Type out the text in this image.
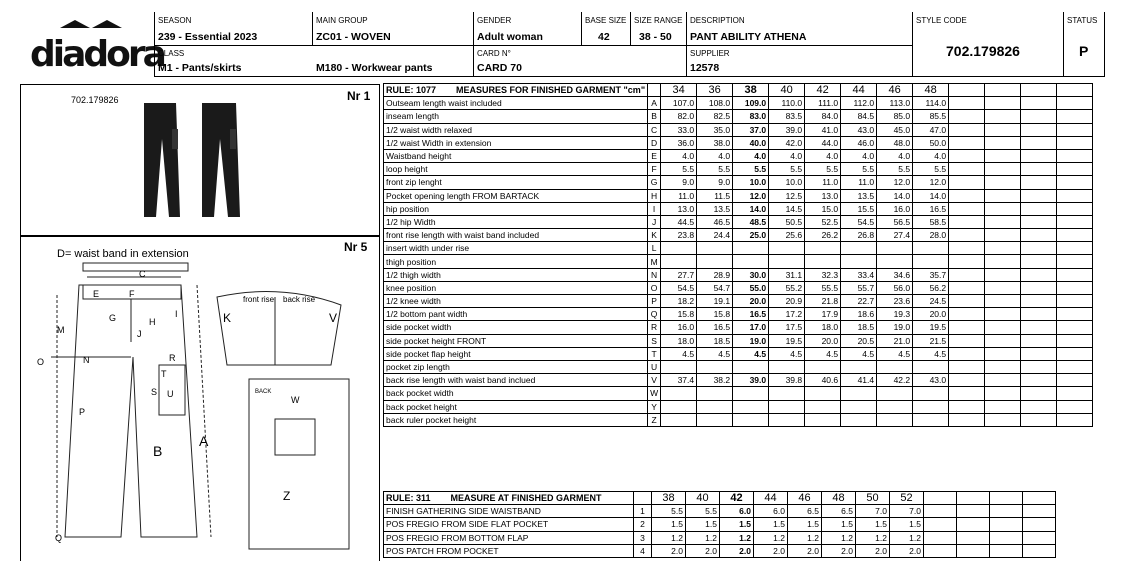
diadora
SEASON
239 - Essential 2023
MAIN GROUP
ZC01 - WOVEN
GENDER
Adult woman
BASE SIZE
42
SIZE RANGE
38 - 50
DESCRIPTION
PANT ABILITY ATHENA
STYLE CODE
702.179826
STATUS
P
CLASS
M1 - Pants/skirts	M180 - Workwear pants
CARD N°
CARD 70
SUPPLIER
12578
702.179826	Nr 1
D= waist band in extension	Nr 5
C
E	F
M
G	H
I
J
O	N	R
T
S U
P
B
A
K	V
W
Z
Q
front rise back rise
BACK
RULE: 1077 MEASURES FOR FINISHED GARMENT "cm"		34	36	38	40	42	44	46	48				
Outseam length waist included	A	107.0	108.0	109.0	110.0	111.0	112.0	113.0	114.0				
inseam length	B	82.0	82.5	83.0	83.5	84.0	84.5	85.0	85.5				
1/2 waist width relaxed	C	33.0	35.0	37.0	39.0	41.0	43.0	45.0	47.0				
1/2 waist Width in extension	D	36.0	38.0	40.0	42.0	44.0	46.0	48.0	50.0				
Waistband height	E	4.0	4.0	4.0	4.0	4.0	4.0	4.0	4.0				
loop height	F	5.5	5.5	5.5	5.5	5.5	5.5	5.5	5.5				
front zip lenght	G	9.0	9.0	10.0	10.0	11.0	11.0	12.0	12.0				
Pocket opening length FROM BARTACK	H	11.0	11.5	12.0	12.5	13.0	13.5	14.0	14.0				
hip position	I	13.0	13.5	14.0	14.5	15.0	15.5	16.0	16.5				
1/2 hip Width	J	44.5	46.5	48.5	50.5	52.5	54.5	56.5	58.5				
front rise length with waist band included	K	23.8	24.4	25.0	25.6	26.2	26.8	27.4	28.0				
insert width under rise	L												
thigh position	M												
1/2 thigh width	N	27.7	28.9	30.0	31.1	32.3	33.4	34.6	35.7				
knee position	O	54.5	54.7	55.0	55.2	55.5	55.7	56.0	56.2				
1/2 knee width	P	18.2	19.1	20.0	20.9	21.8	22.7	23.6	24.5				
1/2 bottom pant width	Q	15.8	15.8	16.5	17.2	17.9	18.6	19.3	20.0				
side pocket width	R	16.0	16.5	17.0	17.5	18.0	18.5	19.0	19.5				
side pocket height FRONT	S	18.0	18.5	19.0	19.5	20.0	20.5	21.0	21.5				
side pocket flap height	T	4.5	4.5	4.5	4.5	4.5	4.5	4.5	4.5				
pocket zip length	U												
back rise length with waist band inclued	V	37.4	38.2	39.0	39.8	40.6	41.4	42.2	43.0				
back pocket width	W												
back pocket height	Y												
back ruler pocket height	Z												
RULE: 311 MEASURE AT FINISHED GARMENT		38	40	42	44	46	48	50	52				
FINISH GATHERING SIDE WAISTBAND	1	5.5	5.5	6.0	6.0	6.5	6.5	7.0	7.0				
POS FREGIO FROM SIDE FLAT POCKET	2	1.5	1.5	1.5	1.5	1.5	1.5	1.5	1.5				
POS FREGIO FROM BOTTOM FLAP	3	1.2	1.2	1.2	1.2	1.2	1.2	1.2	1.2				
POS PATCH FROM POCKET	4	2.0	2.0	2.0	2.0	2.0	2.0	2.0	2.0				
